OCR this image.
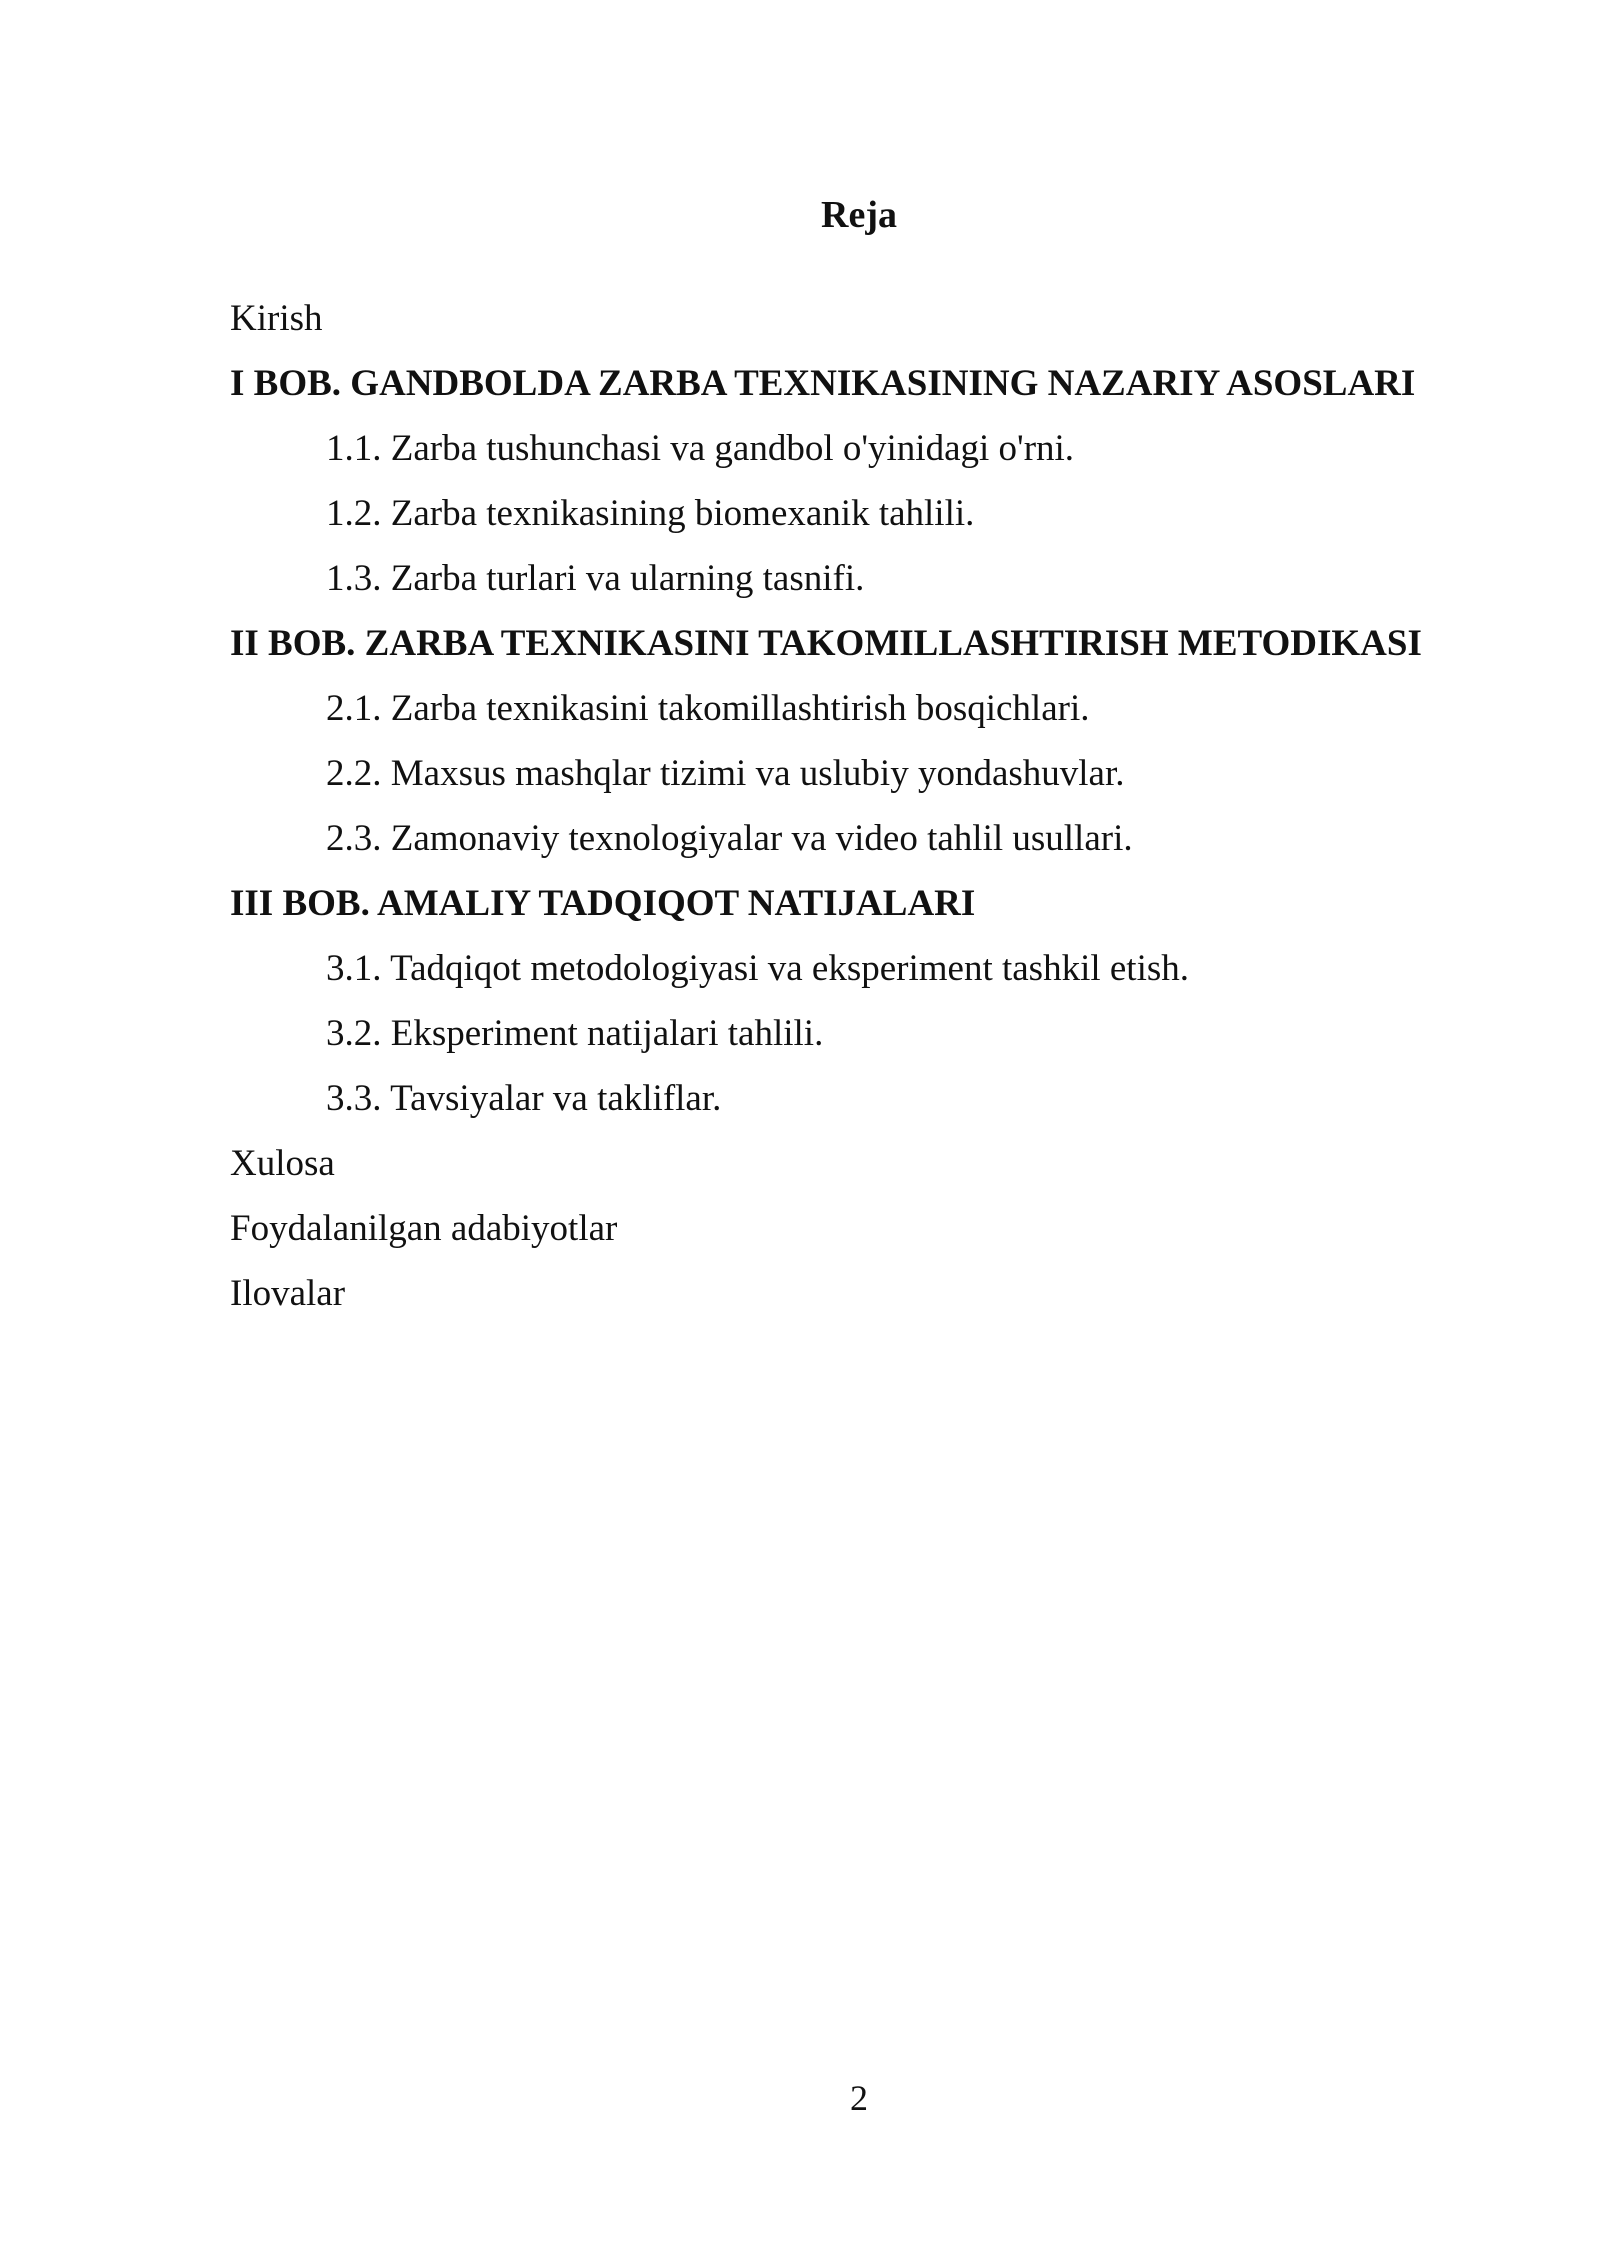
Reja
Kirish
I BOB. GANDBOLDA ZARBA TEXNIKASINING NAZARIY ASOSLARI
1.1. Zarba tushunchasi va gandbol o'yinidagi o'rni.
1.2. Zarba texnikasining biomexanik tahlili.
1.3. Zarba turlari va ularning tasnifi.
II BOB. ZARBA TEXNIKASINI TAKOMILLASHTIRISH METODIKASI
2.1. Zarba texnikasini takomillashtirish bosqichlari.
2.2. Maxsus mashqlar tizimi va uslubiy yondashuvlar.
2.3. Zamonaviy texnologiyalar va video tahlil usullari.
III BOB. AMALIY TADQIQOT NATIJALARI
3.1. Tadqiqot metodologiyasi va eksperiment tashkil etish.
3.2. Eksperiment natijalari tahlili.
3.3. Tavsiyalar va takliflar.
Xulosa
Foydalanilgan adabiyotlar
Ilovalar
2
